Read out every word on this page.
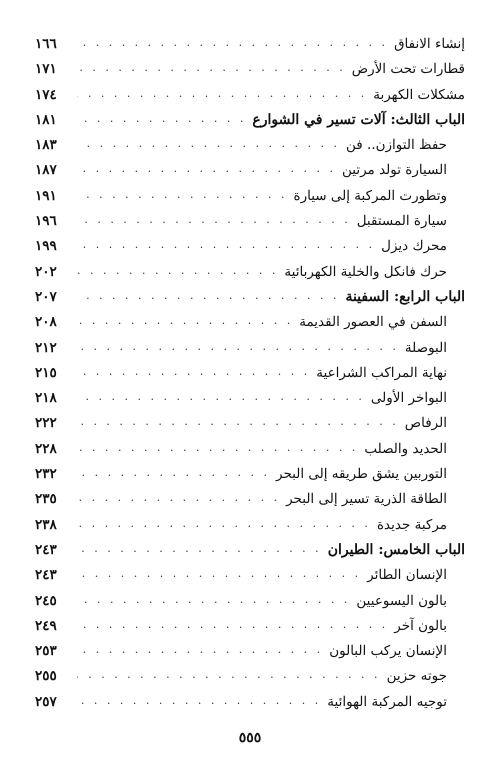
إنشاء الانفاق
. . .
١٦٦
قطارات تحت الأرض
. . .
١٧١
مشكلات الكهربة
. . .
١٧٤
الباب الثالث: آلات تسير في الشوارع
. . .
١٨١
حفظ التوازن.. فن
. . .
١٨٣
السيارة تولد مرتين
. . .
١٨٧
وتطورت المركبة إلى سيارة
. . .
١٩١
سيارة المستقبل
. . .
١٩٦
محرك ديزل
. . .
١٩٩
حرك فانكل والخلية الكهربائية
. . .
٢٠٢
الباب الرابع: السفينة
. . .
٢٠٧
السفن في العصور القديمة
. . .
٢٠٨
البوصلة
. . .
٢١٢
نهاية المراكب الشراعية
. . .
٢١٥
البواخر الأولى
. . .
٢١٨
الرفاص
. . .
٢٢٢
الحديد والصلب
. . .
٢٢٨
التوربين يشق طريقه إلى البحر
. . .
٢٣٢
الطاقة الذرية تسير إلى البحر
. . .
٢٣٥
مركبة جديدة
. . .
٢٣٨
الباب الخامس: الطيران
. . .
٢٤٣
الإنسان الطائر
. . .
٢٤٣
بالون اليسوعيين
. . .
٢٤٥
بالون آخر
. . .
٢٤٩
الإنسان يركب البالون
. . .
٢٥٣
جوته حزين
. . .
٢٥٥
توجيه المركبة الهوائية
. . .
٢٥٧
٥٥٥
